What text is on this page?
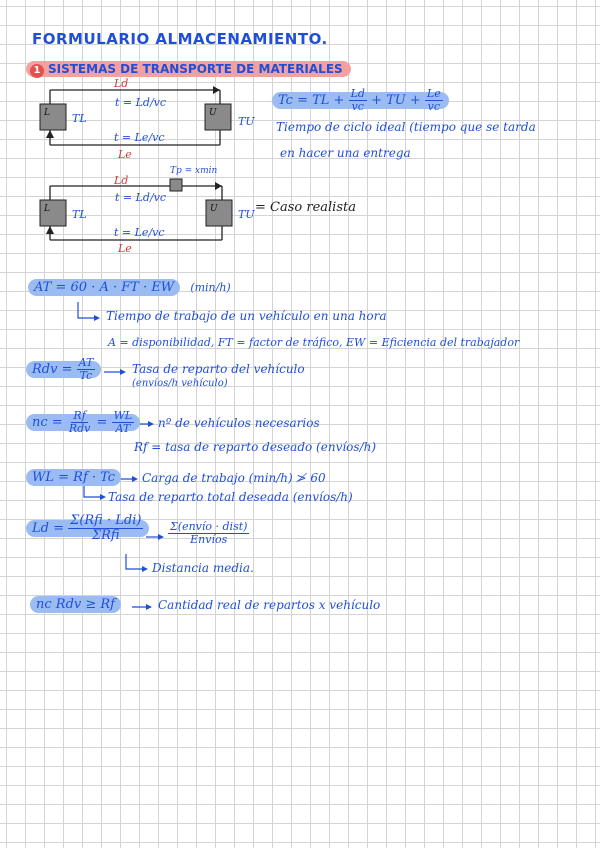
FORMULARIO ALMACENAMIENTO.
1 SISTEMAS DE TRANSPORTE DE MATERIALES
Ld
t = Ld/vc
t = Le/vc
Le
L	U
TL	TU
Ld
t = Ld/vc
Tp = xmin
t = Le/vc
Le
L	U
TL	TU = Caso realista
Tc = TL + $\frac{Ld}{vc}$ + TU + $\frac{Le}{vc}$
Tiempo de ciclo ideal (tiempo que se tarda
en hacer una entrega
AT = 60 · A · FT · EW (min/h)
Tiempo de trabajo de un vehículo en una hora
A = disponibilidad, FT = factor de tráfico, EW = Eficiencia del trabajador
Rdv = $\frac{AT}{Tc}$	Tasa de reparto del vehículo
(envíos/h vehículo)
nc = $\frac{Rf}{\text{Rdv}} = \frac{WL}{AT}$ nº de vehículos necesarios
Rf = tasa de reparto deseado (envíos/h)
WL = Rf · Tc	Carga de trabajo (min/h) ≯ 60
Tasa de reparto total deseada (envíos/h)
$Ld = \frac{\text{Σ(Rfi · Ldi)}}{\text{ΣRfi}} \frac{\text{Σ(envío · dist)}}{\text{Envíos}}$
Distancia media.
nc Rdv ≥ Rf	Cantidad real de repartos x vehículo
